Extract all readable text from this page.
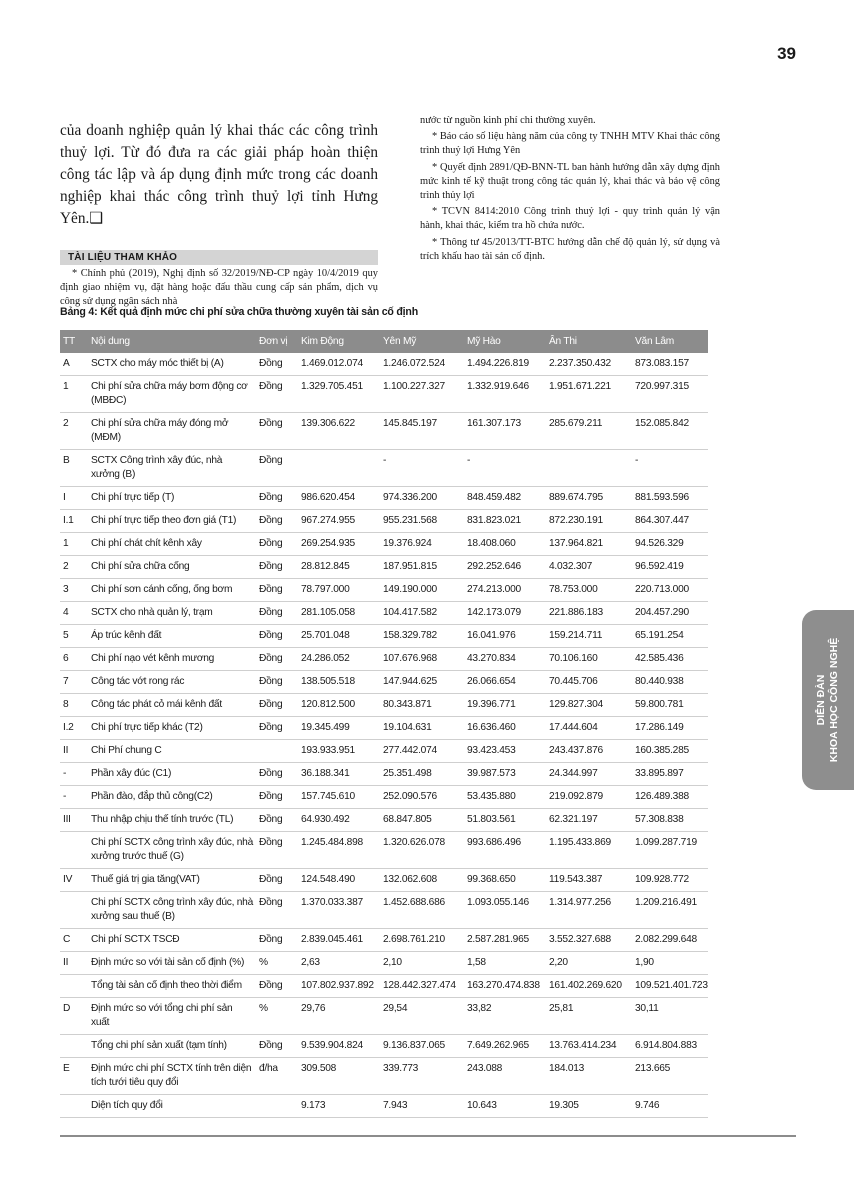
39

của doanh nghiệp quản lý khai thác các công trình thuỷ lợi. Từ đó đưa ra các giải pháp hoàn thiện công tác lập và áp dụng định mức trong các doanh nghiệp khai thác công trình thuỷ lợi tỉnh Hưng Yên.❑

TÀI LIỆU THAM KHẢO

* Chính phủ (2019), Nghị định số 32/2019/NĐ-CP ngày 10/4/2019 quy định giao nhiệm vụ, đặt hàng hoặc đấu thầu cung cấp sản phẩm, dịch vụ công sử dụng ngân sách nhà

nước từ nguồn kinh phí chi thường xuyên.

* Báo cáo số liệu hàng năm của công ty TNHH MTV Khai thác công trình thuỷ lợi Hưng Yên

* Quyết định 2891/QĐ-BNN-TL ban hành hướng dẫn xây dựng định mức kinh tế kỹ thuật trong công tác quản lý, khai thác và bảo vệ công trình thủy lợi

* TCVN 8414:2010 Công trình thuỷ lợi - quy trình quản lý vận hành, khai thác, kiểm tra hồ chứa nước.

* Thông tư 45/2013/TT-BTC hướng dẫn chế độ quản lý, sử dụng và trích khấu hao tài sản cố định.

Bảng 4: Kết quả định mức chi phí sửa chữa thường xuyên tài sản cố định
TT	Nội dung	Đơn vị	Kim Động	Yên Mỹ	Mỹ Hào	Ân Thi	Văn Lâm
A	SCTX cho máy móc thiết bị (A)	Đồng	1.469.012.074	1.246.072.524	1.494.226.819	2.237.350.432	873.083.157
1	Chi phí sửa chữa máy bơm động cơ (MBĐC)	Đồng	1.329.705.451	1.100.227.327	1.332.919.646	1.951.671.221	720.997.315
2	Chi phí sửa chữa máy đóng mở (MĐM)	Đồng	139.306.622	145.845.197	161.307.173	285.679.211	152.085.842
B	SCTX Công trình xây đúc, nhà xưởng (B)	Đồng		-	-		-
I	Chi phí trực tiếp (T)	Đồng	986.620.454	974.336.200	848.459.482	889.674.795	881.593.596
I.1	Chi phí trực tiếp theo đơn giá (T1)	Đồng	967.274.955	955.231.568	831.823.021	872.230.191	864.307.447
1	Chi phí chát chít kênh xây	Đồng	269.254.935	19.376.924	18.408.060	137.964.821	94.526.329
2	Chi phí sửa chữa cống	Đồng	28.812.845	187.951.815	292.252.646	4.032.307	96.592.419
3	Chi phí sơn cánh cống, ống bơm	Đồng	78.797.000	149.190.000	274.213.000	78.753.000	220.713.000
4	SCTX cho nhà quản lý, trạm	Đồng	281.105.058	104.417.582	142.173.079	221.886.183	204.457.290
5	Áp trúc kênh đất	Đồng	25.701.048	158.329.782	16.041.976	159.214.711	65.191.254
6	Chi phí nạo vét kênh mương	Đồng	24.286.052	107.676.968	43.270.834	70.106.160	42.585.436
7	Công tác vớt rong rác	Đồng	138.505.518	147.944.625	26.066.654	70.445.706	80.440.938
8	Công tác phát cỏ mái kênh đất	Đồng	120.812.500	80.343.871	19.396.771	129.827.304	59.800.781
I.2	Chi phí trực tiếp khác (T2)	Đồng	19.345.499	19.104.631	16.636.460	17.444.604	17.286.149
II	Chi Phí chung C		193.933.951	277.442.074	93.423.453	243.437.876	160.385.285
-	Phần xây đúc (C1)	Đồng	36.188.341	25.351.498	39.987.573	24.344.997	33.895.897
-	Phần đào, đắp thủ công(C2)	Đồng	157.745.610	252.090.576	53.435.880	219.092.879	126.489.388
III	Thu nhập chịu thế tính trước (TL)	Đồng	64.930.492	68.847.805	51.803.561	62.321.197	57.308.838
	Chi phí SCTX công trình xây đúc, nhà xưởng trước thuế (G)	Đồng	1.245.484.898	1.320.626.078	993.686.496	1.195.433.869	1.099.287.719
IV	Thuế giá trị gia tăng(VAT)	Đồng	124.548.490	132.062.608	99.368.650	119.543.387	109.928.772
	Chi phí SCTX công trình xây đúc, nhà xưởng sau thuế (B)	Đồng	1.370.033.387	1.452.688.686	1.093.055.146	1.314.977.256	1.209.216.491
C	Chi phí SCTX TSCĐ	Đồng	2.839.045.461	2.698.761.210	2.587.281.965	3.552.327.688	2.082.299.648
II	Định mức so với tài sản cố định (%)	%	2,63	2,10	1,58	2,20	1,90
	Tổng tài sản cố định theo thời điểm	Đồng	107.802.937.892	128.442.327.474	163.270.474.838	161.402.269.620	109.521.401.723
D	Định mức so với tổng chi phí sản xuất	%	29,76	29,54	33,82	25,81	30,11
	Tổng chi phí sản xuất (tạm tính)	Đồng	9.539.904.824	9.136.837.065	7.649.262.965	13.763.414.234	6.914.804.883
E	Định mức chi phí SCTX tính trên diện tích tưới tiêu quy đổi	đ/ha	309.508	339.773	243.088	184.013	213.665
	Diện tích quy đổi		9.173	7.943	10.643	19.305	9.746
DIỄN ĐÀN KHOA HỌC CÔNG NGHỆ
